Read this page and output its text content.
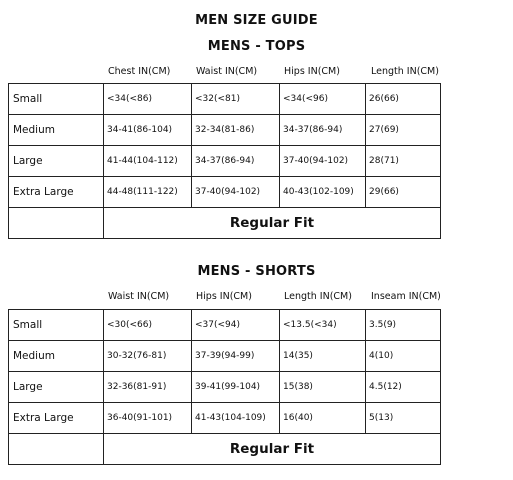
MEN SIZE GUIDE
MENS - TOPS
Chest IN(CM)	Waist IN(CM)	Hips IN(CM)	Length IN(CM)
Small	<34(<86)	<32(<81)	<34(<96)	26(66)
Medium	34-41(86-104)	32-34(81-86)	34-37(86-94)	27(69)
Large	41-44(104-112)	34-37(86-94)	37-40(94-102)	28(71)
Extra Large	44-48(111-122)	37-40(94-102)	40-43(102-109)	29(66)
	Regular Fit			
MENS - SHORTS
Waist IN(CM)	Hips IN(CM)	Length IN(CM) Inseam IN(CM)
Small	<30(<66)	<37(<94)	<13.5(<34)	3.5(9)
Medium	30-32(76-81)	37-39(94-99)	14(35)	4(10)
Large	32-36(81-91)	39-41(99-104)	15(38)	4.5(12)
Extra Large	36-40(91-101)	41-43(104-109)	16(40)	5(13)
	Regular Fit			
